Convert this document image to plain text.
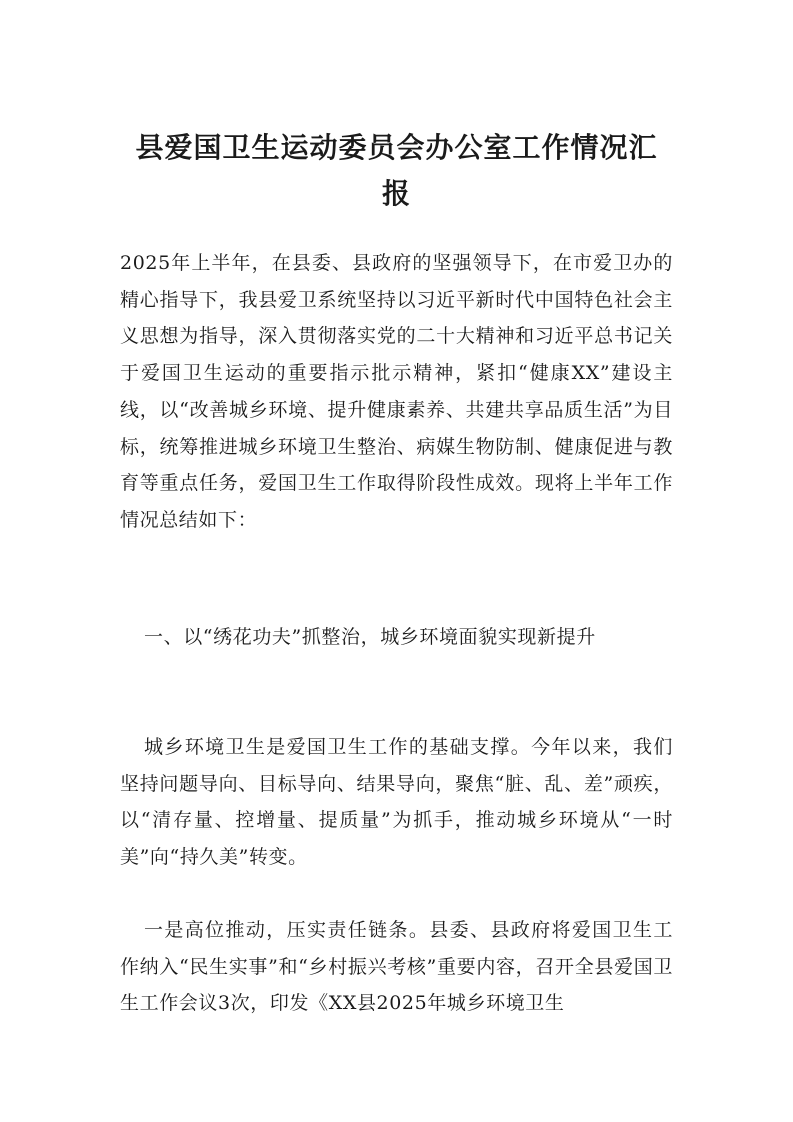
县爱国卫生运动委员会办公室工作情况汇
报

2025年上半年，在县委、县政府的坚强领导下，在市爱卫办的精心指导下，我县爱卫系统坚持以习近平新时代中国特色社会主义思想为指导，深入贯彻落实党的二十大精神和习近平总书记关于爱国卫生运动的重要指示批示精神，紧扣“健康XX”建设主线，以“改善城乡环境、提升健康素养、共建共享品质生活”为目标，统筹推进城乡环境卫生整治、病媒生物防制、健康促进与教育等重点任务，爱国卫生工作取得阶段性成效。现将上半年工作情况总结如下：

一、以“绣花功夫”抓整治，城乡环境面貌实现新提升

城乡环境卫生是爱国卫生工作的基础支撑。今年以来，我们坚持问题导向、目标导向、结果导向，聚焦“脏、乱、差”顽疾，以“清存量、控增量、提质量”为抓手，推动城乡环境从“一时美”向“持久美”转变。

一是高位推动，压实责任链条。县委、县政府将爱国卫生工作纳入“民生实事”和“乡村振兴考核”重要内容，召开全县爱国卫生工作会议3次，印发《XX县2025年城乡环境卫生
